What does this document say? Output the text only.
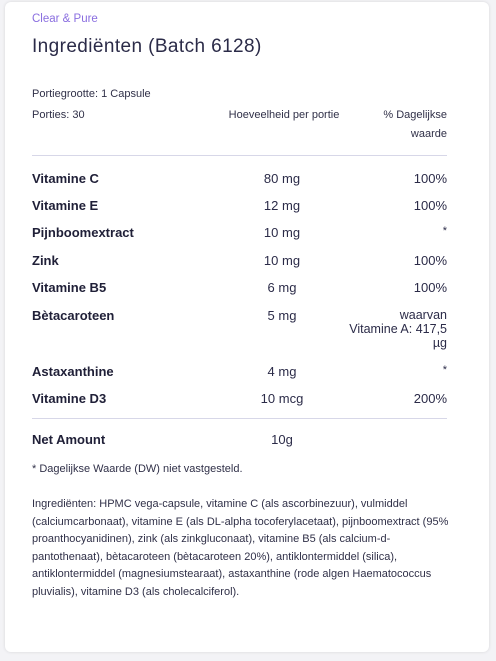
Clear & Pure
Ingrediënten (Batch 6128)
Portiegrootte: 1 Capsule
Porties: 30	Hoeveelheid per portie	% Dagelijkse
waarde
Vitamine C	80 mg	100%
Vitamine E	12 mg	100%
Pijnboomextract	10 mg	*
Zink	10 mg	100%
Vitamine B5	6 mg	100%
Bètacaroteen	5 mg	waarvan
Vitamine A: 417,5
µg
Astaxanthine	4 mg	*
Vitamine D3	10 mcg	200%
Net Amount	10g
* Dagelijkse Waarde (DW) niet vastgesteld.
Ingrediënten: HPMC vega-capsule, vitamine C (als ascorbinezuur), vulmiddel (calciumcarbonaat), vitamine E (als DL-alpha tocoferylacetaat), pijnboomextract (95% proanthocyanidinen), zink (als zinkgluconaat), vitamine B5 (als calcium-d-pantothenaat), bètacaroteen (bètacaroteen 20%), antiklontermiddel (silica), antiklontermiddel (magnesiumstearaat), astaxanthine (rode algen Haematococcus pluvialis), vitamine D3 (als cholecalciferol).
